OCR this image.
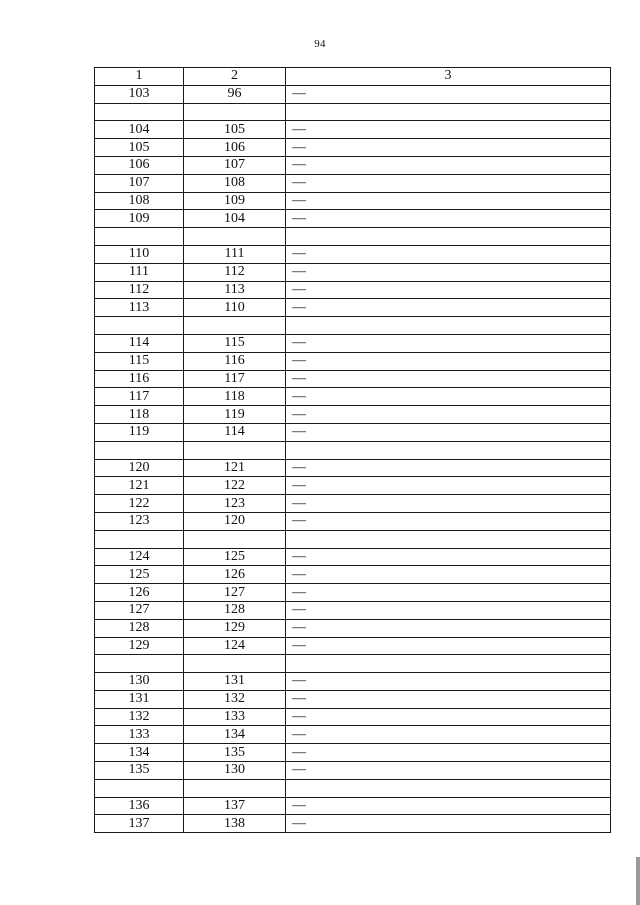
94
1	2	3
103	96	—

104	105	—
105	106	—
106	107	—
107	108	—
108	109	—
109	104	—

110	111	—
111	112	—
112	113	—
113	110	—

114	115	—
115	116	—
116	117	—
117	118	—
118	119	—
119	114	—

120	121	—
121	122	—
122	123	—
123	120	—

124	125	—
125	126	—
126	127	—
127	128	—
128	129	—
129	124	—

130	131	—
131	132	—
132	133	—
133	134	—
134	135	—
135	130	—

136	137	—
137	138	—
